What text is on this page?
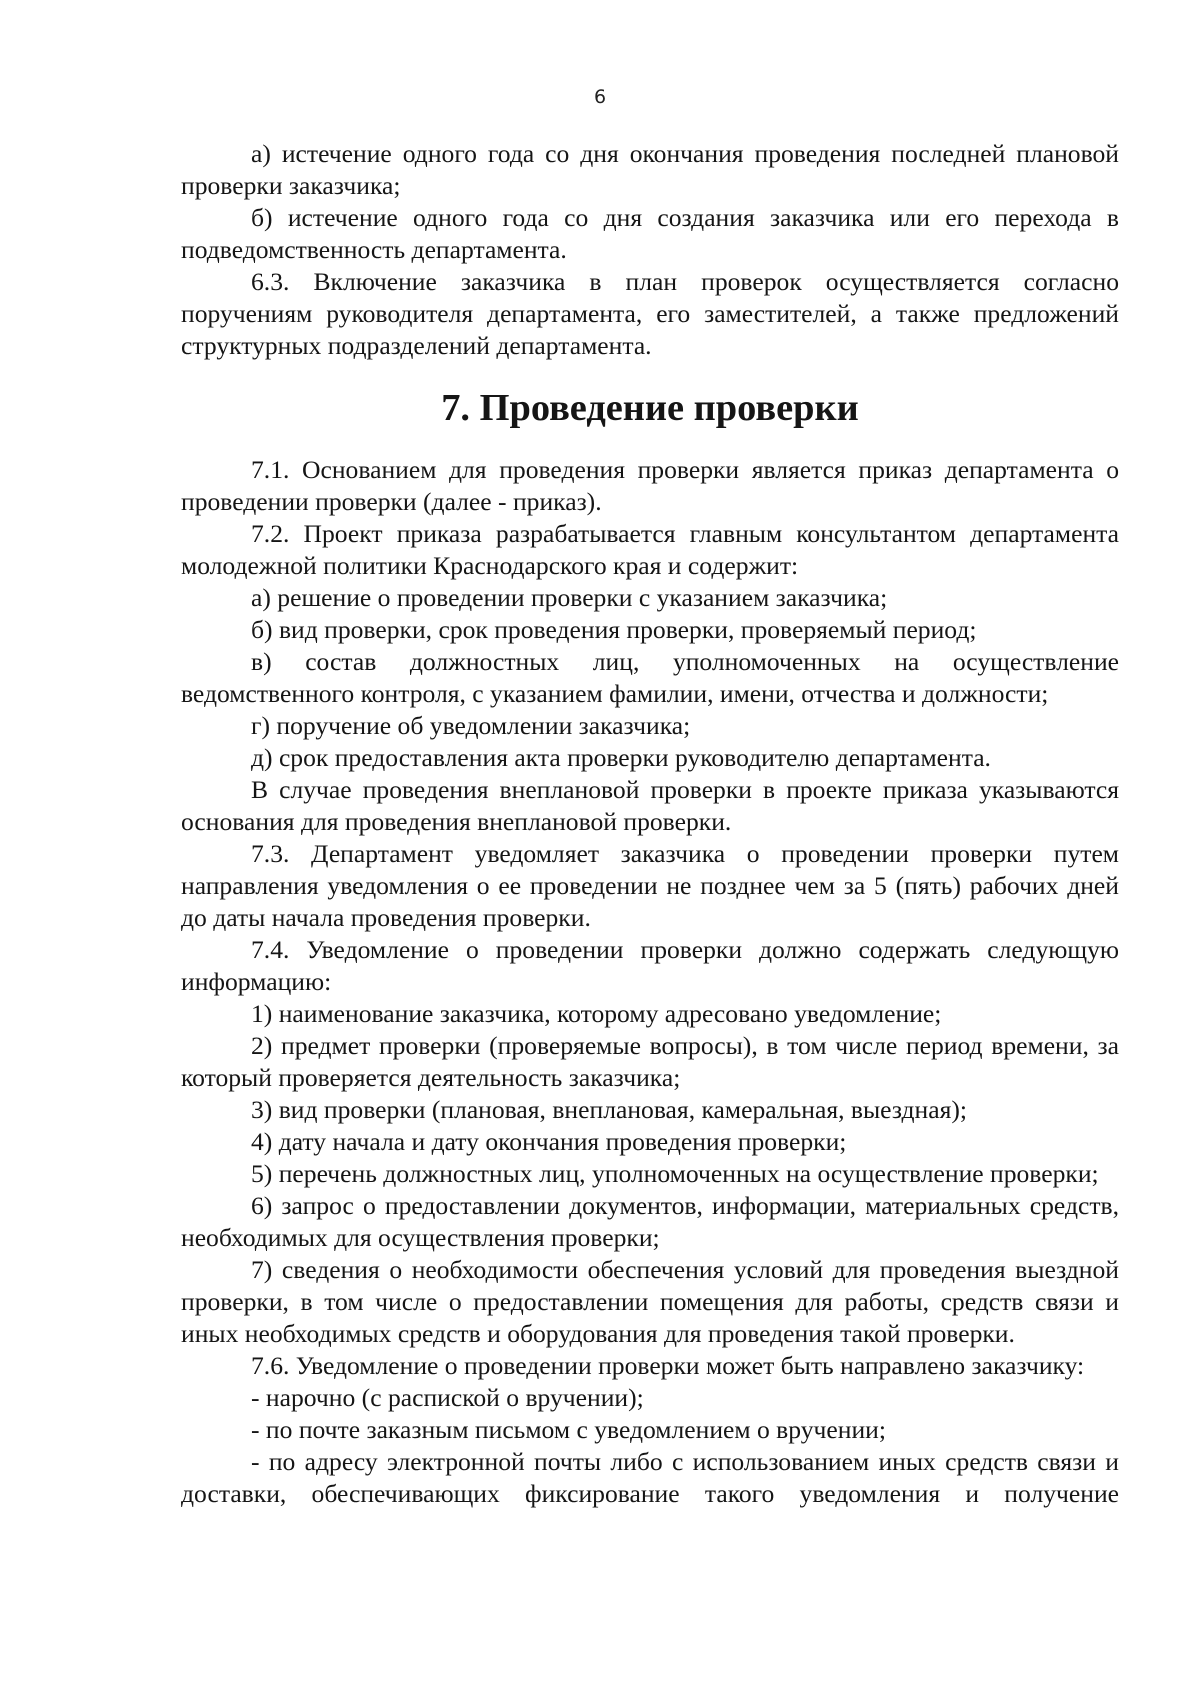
6

а) истечение одного года со дня окончания проведения последней плановой проверки заказчика;

б) истечение одного года со дня создания заказчика или его перехода в подведомственность департамента.

6.3. Включение заказчика в план проверок осуществляется согласно поручениям руководителя департамента, его заместителей, а также предложений структурных подразделений департамента.

7. Проведение проверки

7.1. Основанием для проведения проверки является приказ департамента о проведении проверки (далее - приказ).

7.2. Проект приказа разрабатывается главным консультантом департамента молодежной политики Краснодарского края и содержит:

а) решение о проведении проверки с указанием заказчика;

б) вид проверки, срок проведения проверки, проверяемый период;

в) состав должностных лиц, уполномоченных на осуществление ведомственного контроля, с указанием фамилии, имени, отчества и должности;

г) поручение об уведомлении заказчика;

д) срок предоставления акта проверки руководителю департамента.

В случае проведения внеплановой проверки в проекте приказа указываются основания для проведения внеплановой проверки.

7.3. Департамент уведомляет заказчика о проведении проверки путем направления уведомления о ее проведении не позднее чем за 5 (пять) рабочих дней до даты начала проведения проверки.

7.4. Уведомление о проведении проверки должно содержать следующую информацию:

1) наименование заказчика, которому адресовано уведомление;

2) предмет проверки (проверяемые вопросы), в том числе период времени, за который проверяется деятельность заказчика;

3) вид проверки (плановая, внеплановая, камеральная, выездная);

4) дату начала и дату окончания проведения проверки;

5) перечень должностных лиц, уполномоченных на осуществление проверки;

6) запрос о предоставлении документов, информации, материальных средств, необходимых для осуществления проверки;

7) сведения о необходимости обеспечения условий для проведения выездной проверки, в том числе о предоставлении помещения для работы, средств связи и иных необходимых средств и оборудования для проведения такой проверки.

7.6. Уведомление о проведении проверки может быть направлено заказчику:

- нарочно (с распиской о вручении);

- по почте заказным письмом с уведомлением о вручении;

- по адресу электронной почты либо с использованием иных средств связи и доставки, обеспечивающих фиксирование такого уведомления и получение
